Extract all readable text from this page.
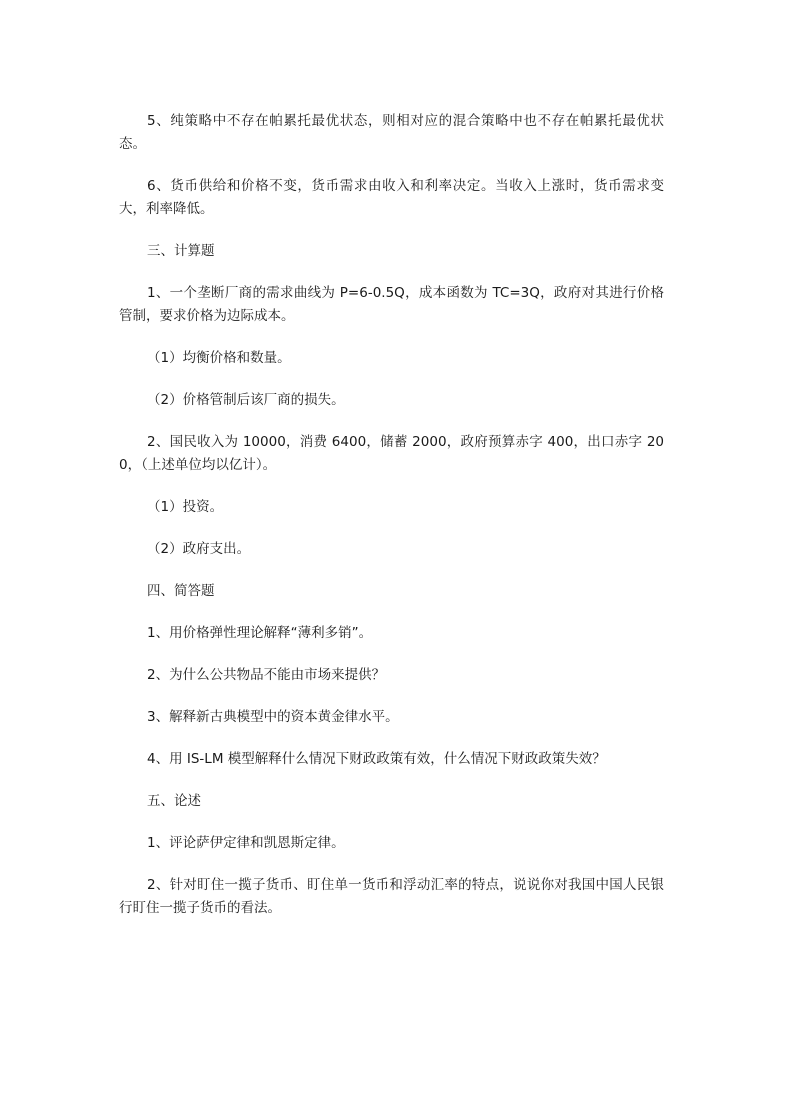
5、纯策略中不存在帕累托最优状态，则相对应的混合策略中也不存在帕累托最优状态。

6、货币供给和价格不变，货币需求由收入和利率决定。当收入上涨时，货币需求变大，利率降低。

三、计算题

1、一个垄断厂商的需求曲线为 P=6-0.5Q，成本函数为 TC=3Q，政府对其进行价格管制，要求价格为边际成本。

（1）均衡价格和数量。

（2）价格管制后该厂商的损失。

2、国民收入为 10000，消费 6400，储蓄 2000，政府预算赤字 400，出口赤字 200，（上述单位均以亿计）。

（1）投资。

（2）政府支出。

四、简答题

1、用价格弹性理论解释“薄利多销”。

2、为什么公共物品不能由市场来提供？

3、解释新古典模型中的资本黄金律水平。

4、用 IS-LM 模型解释什么情况下财政政策有效，什么情况下财政政策失效？

五、论述

1、评论萨伊定律和凯恩斯定律。

2、针对盯住一揽子货币、盯住单一货币和浮动汇率的特点，说说你对我国中国人民银行盯住一揽子货币的看法。
